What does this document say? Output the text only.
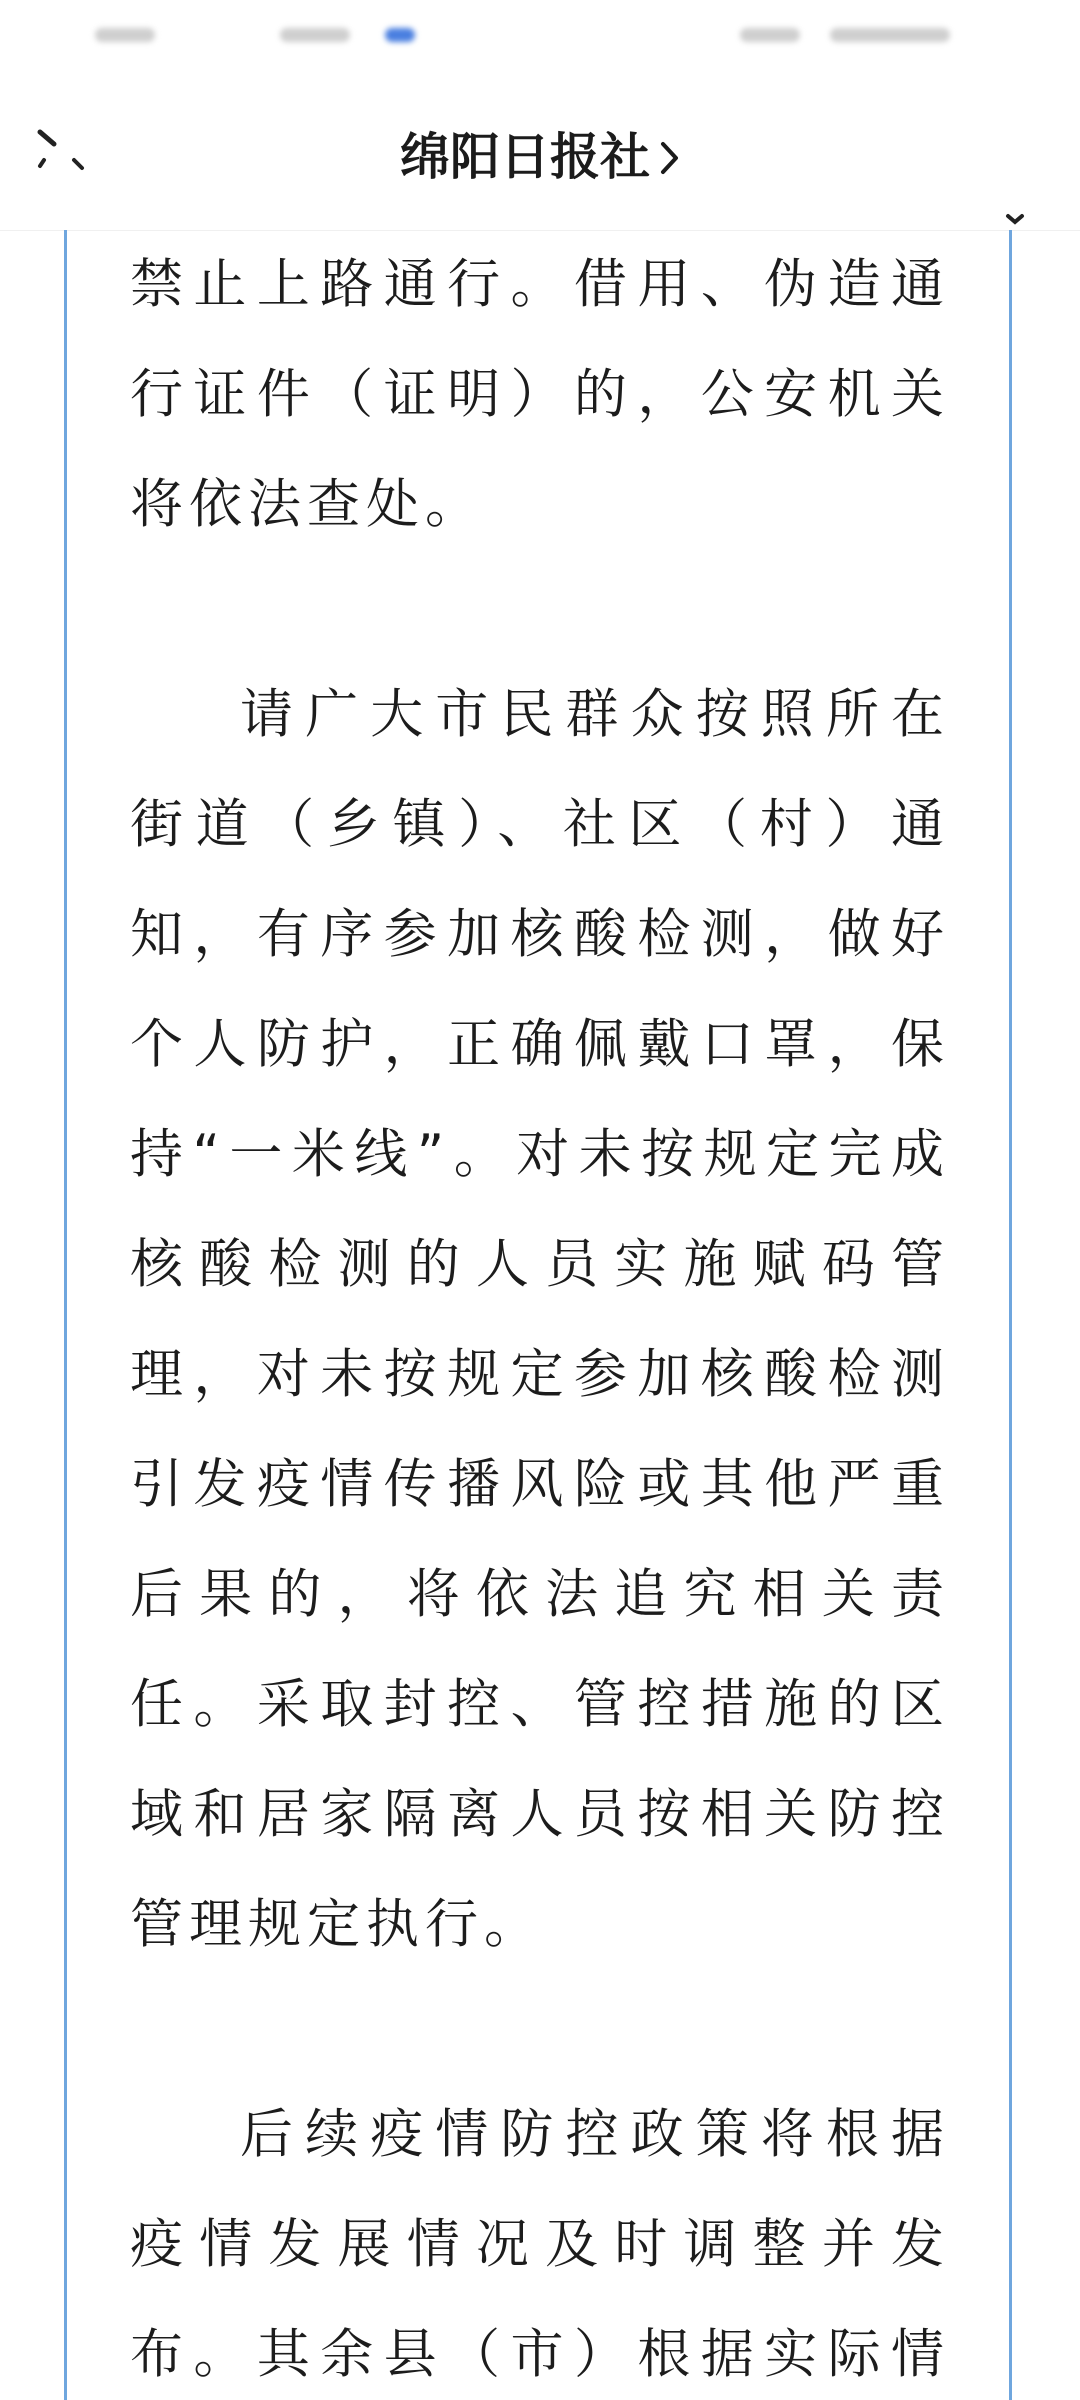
绵阳日报社
禁止上路通行。借用、伪造通
行证件（证明）的，公安机关
将依法查处。
请广大市民群众按照所在
街道（乡镇）、社区（村）通
知，有序参加核酸检测，做好
个人防护，正确佩戴口罩，保
持“一米线”。对未按规定完成
核酸检测的人员实施赋码管
理，对未按规定参加核酸检测
引发疫情传播风险或其他严重
后果的，将依法追究相关责
任。采取封控、管控措施的区
域和居家隔离人员按相关防控
管理规定执行。
后续疫情防控政策将根据
疫情发展情况及时调整并发
布。其余县（市）根据实际情
